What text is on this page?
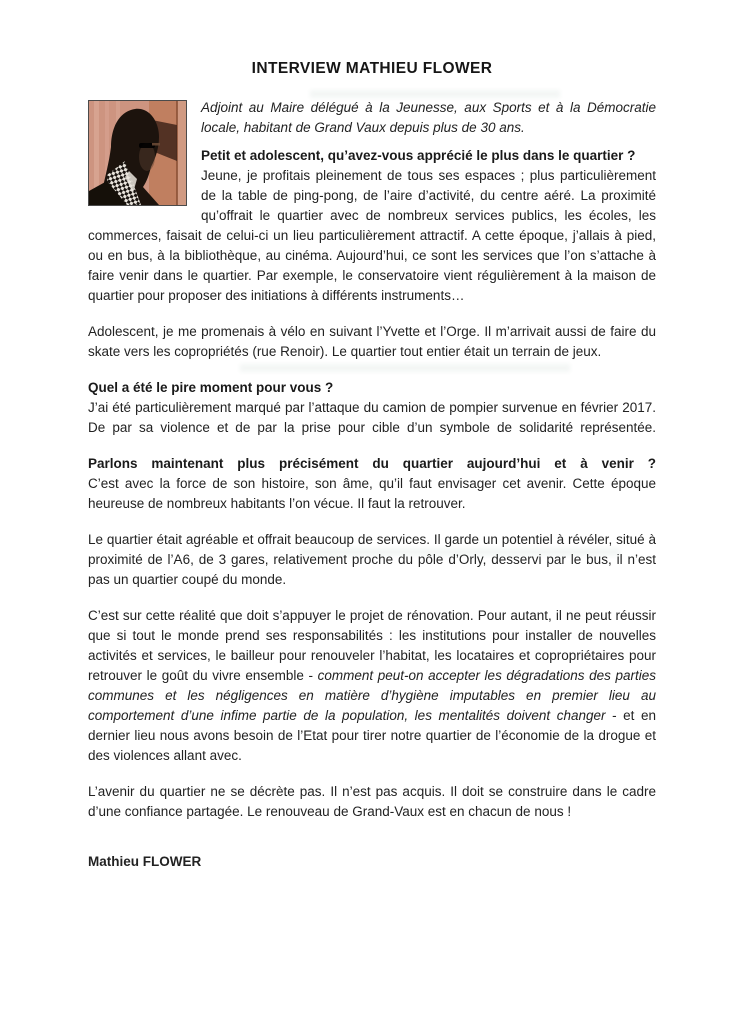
INTERVIEW MATHIEU FLOWER

Adjoint au Maire délégué à la Jeunesse, aux Sports et à la Démocratie locale, habitant de Grand Vaux depuis plus de 30 ans.

Petit et adolescent, qu’avez-vous apprécié le plus dans le quartier ?

Jeune, je profitais pleinement de tous ses espaces ; plus particulièrement de la table de ping-pong, de l’aire d’activité, du centre aéré. La proximité qu’offrait le quartier avec de nombreux services publics, les écoles, les commerces, faisait de celui-ci un lieu particulièrement attractif. A cette époque, j’allais à pied, ou en bus, à la bibliothèque, au cinéma. Aujourd’hui, ce sont les services que l’on s’attache à faire venir dans le quartier. Par exemple, le conservatoire vient régulièrement à la maison de quartier pour proposer des initiations à différents instruments…

Adolescent, je me promenais à vélo en suivant l’Yvette et l’Orge. Il m’arrivait aussi de faire du skate vers les copropriétés (rue Renoir). Le quartier tout entier était un terrain de jeux.

Quel a été le pire moment pour vous ?

J’ai été particulièrement marqué par l’attaque du camion de pompier survenue en février 2017. De par sa violence et de par la prise pour cible d’un symbole de solidarité représentée.

Parlons maintenant plus précisément du quartier aujourd’hui et à venir ?

C’est avec la force de son histoire, son âme, qu’il faut envisager cet avenir. Cette époque heureuse de nombreux habitants l’on vécue. Il faut la retrouver.

Le quartier était agréable et offrait beaucoup de services. Il garde un potentiel à révéler, situé à proximité de l’A6, de 3 gares, relativement proche du pôle d’Orly, desservi par le bus, il n’est pas un quartier coupé du monde.

C’est sur cette réalité que doit s’appuyer le projet de rénovation. Pour autant, il ne peut réussir que si tout le monde prend ses responsabilités : les institutions pour installer de nouvelles activités et services, le bailleur pour renouveler l’habitat, les locataires et copropriétaires pour retrouver le goût du vivre ensemble - comment peut-on accepter les dégradations des parties communes et les négligences en matière d’hygiène imputables en premier lieu au comportement d’une infime partie de la population, les mentalités doivent changer - et en dernier lieu nous avons besoin de l’Etat pour tirer notre quartier de l’économie de la drogue et des violences allant avec.

L’avenir du quartier ne se décrète pas. Il n’est pas acquis. Il doit se construire dans le cadre d’une confiance partagée. Le renouveau de Grand-Vaux est en chacun de nous !

Mathieu FLOWER
